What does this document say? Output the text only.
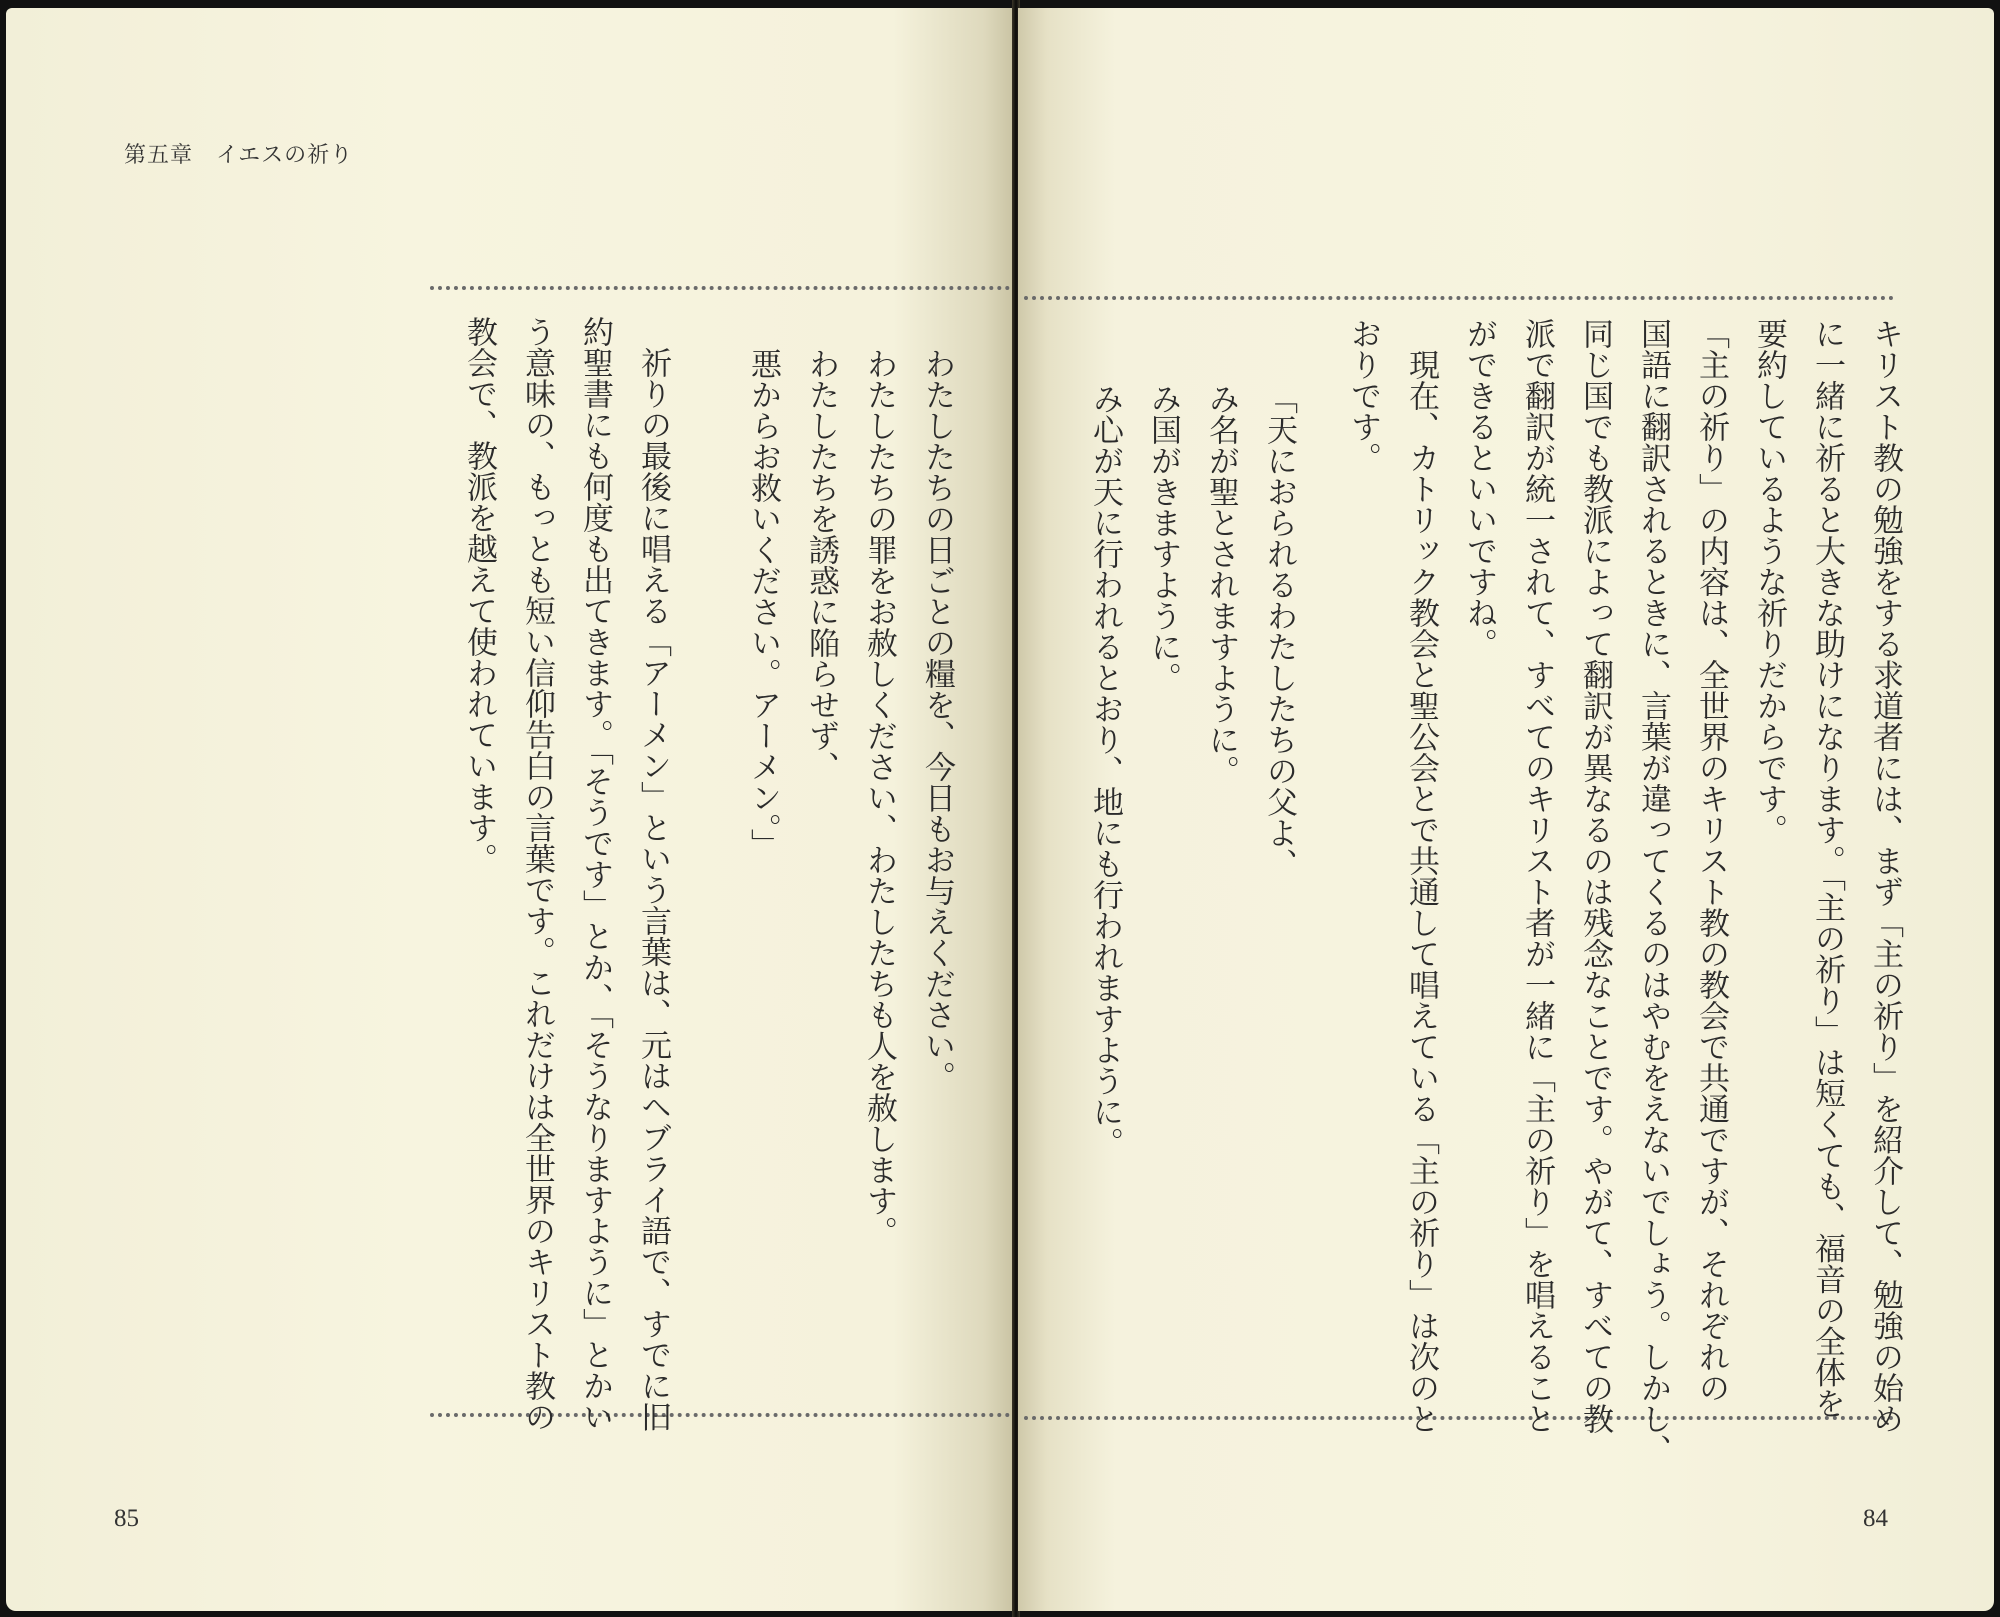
第五章　イエスの祈り

わたしたちの日ごとの糧を、今日もお与えください。

わたしたちの罪をお赦しください、わたしたちも人を赦します。

わたしたちを誘惑に陥らせず、

悪からお救いください。アーメン。」

祈りの最後に唱える「アーメン」という言葉は、元はヘブライ語で、すでに旧

約聖書にも何度も出てきます。「そうです」とか、「そうなりますように」とかい

う意味の、もっとも短い信仰告白の言葉です。これだけは全世界のキリスト教の

教会で、教派を越えて使われています。

85

キリスト教の勉強をする求道者には、まず「主の祈り」を紹介して、勉強の始め

に一緒に祈ると大きな助けになります。「主の祈り」は短くても、福音の全体を

要約しているような祈りだからです。

「主の祈り」の内容は、全世界のキリスト教の教会で共通ですが、それぞれの

国語に翻訳されるときに、言葉が違ってくるのはやむをえないでしょう。しかし、

同じ国でも教派によって翻訳が異なるのは残念なことです。やがて、すべての教

派で翻訳が統一されて、すべてのキリスト者が一緒に「主の祈り」を唱えること

ができるといいですね。

現在、カトリック教会と聖公会とで共通して唱えている「主の祈り」は次のと

おりです。

「天におられるわたしたちの父よ、

み名が聖とされますように。

み国がきますように。

み心が天に行われるとおり、地にも行われますように。

84
